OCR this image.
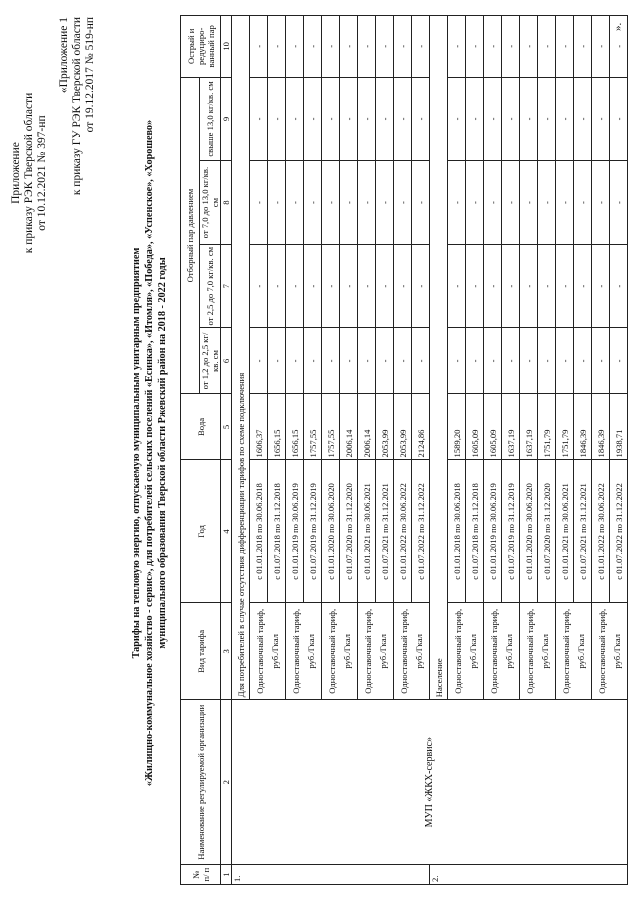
Приложение к приказу РЭК Тверской области от 10.12.2021 № 397-нп
«Приложение 1 к приказу ГУ РЭК Тверской области от 19.12.2017 № 519-нп
Тарифы на тепловую энергию, отпускаемую муниципальным унитарным предприятием «Жилищно-коммунальное хозяйство - сервис», для потребителей сельских поселений «Есинка», «Итомля», «Победа», «Успенское», «Хорошево» муниципального образования Тверской области Ржевский район на 2018 - 2022 годы
№ п/ п	Наименование регулируемой организации	Вид тарифа	Год	Вода	Отборный пар давлением				Острый и редуциро-ванный пар
					от 1,2 до 2,5 кг/кв. см	от 2,5 до 7,0 кг/кв. см	от 7,0 до 13,0 кг/кв. см	свыше 13,0 кг/кв. см	
1	2	3	4	5	6	7	8	9	10
1.	МУП «ЖКХ-сервис»	Для потребителей в случае отсутствия дифференциации тарифов по схеме подключения							
		Одноставочный тариф, руб./Гкал	с 01.01.2018 по 30.06.2018	1606,37	-	-	-	-	-
			с 01.07.2018 по 31.12.2018	1656,15	-	-	-	-	-
		Одноставочный тариф, руб./Гкал	с 01.01.2019 по 30.06.2019	1656,15	-	-	-	-	-
			с 01.07.2019 по 31.12.2019	1757,55	-	-	-	-	-
		Одноставочный тариф, руб./Гкал	с 01.01.2020 по 30.06.2020	1757,55	-	-	-	-	-
			с 01.07.2020 по 31.12.2020	2006,14	-	-	-	-	-
		Одноставочный тариф, руб./Гкал	с 01.01.2021 по 30.06.2021	2006,14	-	-	-	-	-
			с 01.07.2021 по 31.12.2021	2053,99	-	-	-	-	-
		Одноставочный тариф, руб./Гкал	с 01.01.2022 по 30.06.2022	2053,99	-	-	-	-	-
			с 01.07.2022 по 31.12.2022	2124,86	-	-	-	-	-
2.		Население							
		Одноставочный тариф, руб./Гкал	с 01.01.2018 по 30.06.2018	1589,20	-	-	-	-	-
			с 01.07.2018 по 31.12.2018	1605,09	-	-	-	-	-
		Одноставочный тариф, руб./Гкал	с 01.01.2019 по 30.06.2019	1605,09	-	-	-	-	-
			с 01.07.2019 по 31.12.2019	1637,19	-	-	-	-	-
		Одноставочный тариф, руб./Гкал	с 01.01.2020 по 30.06.2020	1637,19	-	-	-	-	-
			с 01.07.2020 по 31.12.2020	1751,79	-	-	-	-	-
		Одноставочный тариф, руб./Гкал	с 01.01.2021 по 30.06.2021	1751,79	-	-	-	-	-
			с 01.07.2021 по 31.12.2021	1846,39	-	-	-	-	-
		Одноставочный тариф, руб./Гкал	с 01.01.2022 по 30.06.2022	1846,39	-	-	-	-	-
			с 01.07.2022 по 31.12.2022	1938,71	-	-	-	-	-
».
